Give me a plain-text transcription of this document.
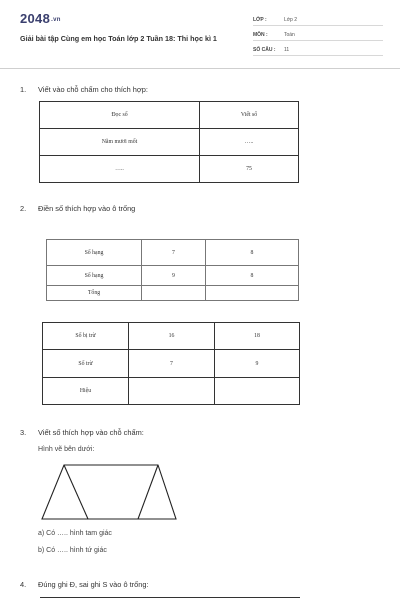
2048.vn
Giải bài tập Cùng em học Toán lớp 2 Tuần 18: Thi học kì 1
LỚP :	Lớp 2
MÔN :	Toán
SỐ CÂU : 11
1. Viết vào chỗ chấm cho thích hợp:
Đọc số	Viết số
Năm mươi mốt	…..
…..	75
2. Điền số thích hợp vào ô trống
Số hạng	7	8
Số hạng	9	8
Tổng		
Số bị trừ	16	18
Số trừ	7	9
Hiệu		
3. Viết số thích hợp vào chỗ chấm:
Hình vẽ bên dưới:
a) Có ….. hình tam giác
b) Có ….. hình tứ giác
4. Đúng ghi Đ, sai ghi S vào ô trống:
